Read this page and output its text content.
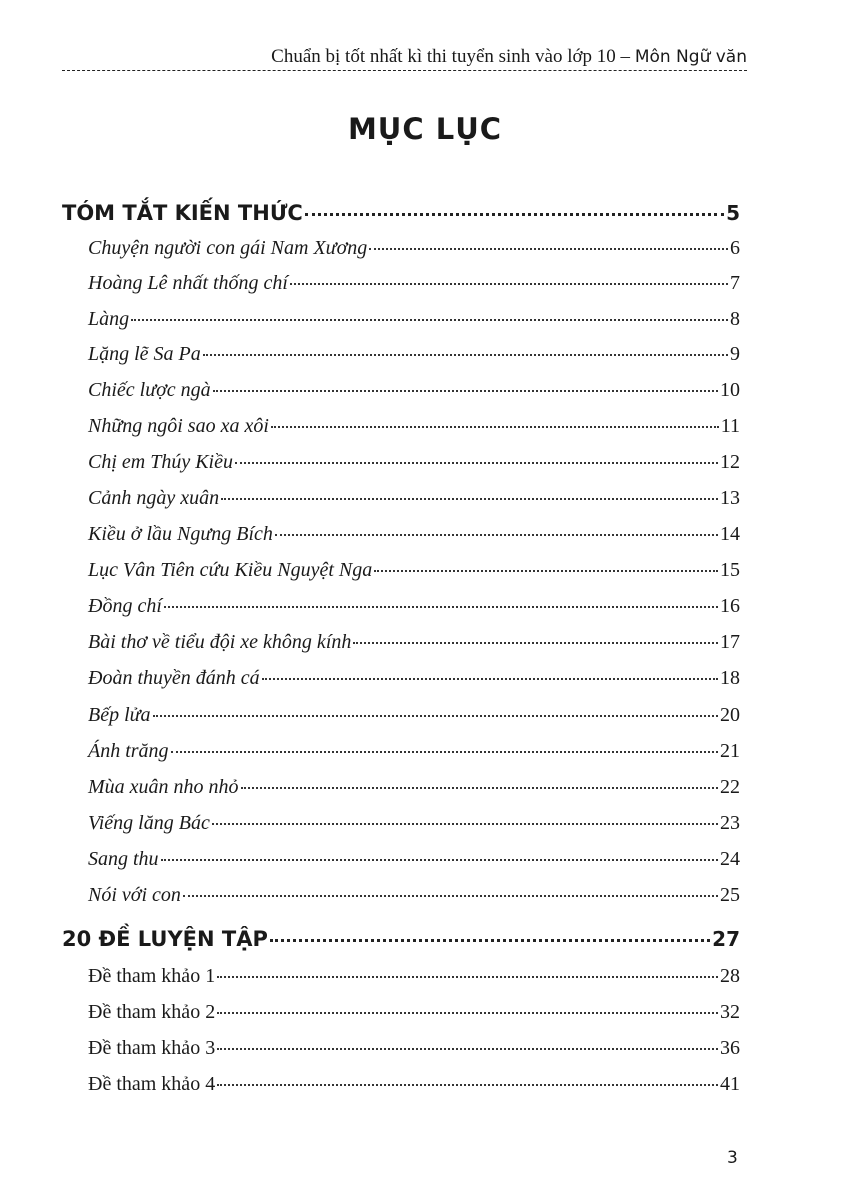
Chuẩn bị tốt nhất kì thi tuyển sinh vào lớp 10 – Môn Ngữ văn
MỤC LỤC
TÓM TẮT KIẾN THỨC	5
Chuyện người con gái Nam Xương	6
Hoàng Lê nhất thống chí	7
Làng	8
Lặng lẽ Sa Pa	9
Chiếc lược ngà	10
Những ngôi sao xa xôi	11
Chị em Thúy Kiều	12
Cảnh ngày xuân	13
Kiều ở lầu Ngưng Bích	14
Lục Vân Tiên cứu Kiều Nguyệt Nga	15
Đồng chí	16
Bài thơ về tiểu đội xe không kính	17
Đoàn thuyền đánh cá	18
Bếp lửa	20
Ánh trăng	21
Mùa xuân nho nhỏ	22
Viếng lăng Bác	23
Sang thu	24
Nói với con	25
20 ĐỀ LUYỆN TẬP	27
Đề tham khảo 1	28
Đề tham khảo 2	32
Đề tham khảo 3	36
Đề tham khảo 4	41
3
